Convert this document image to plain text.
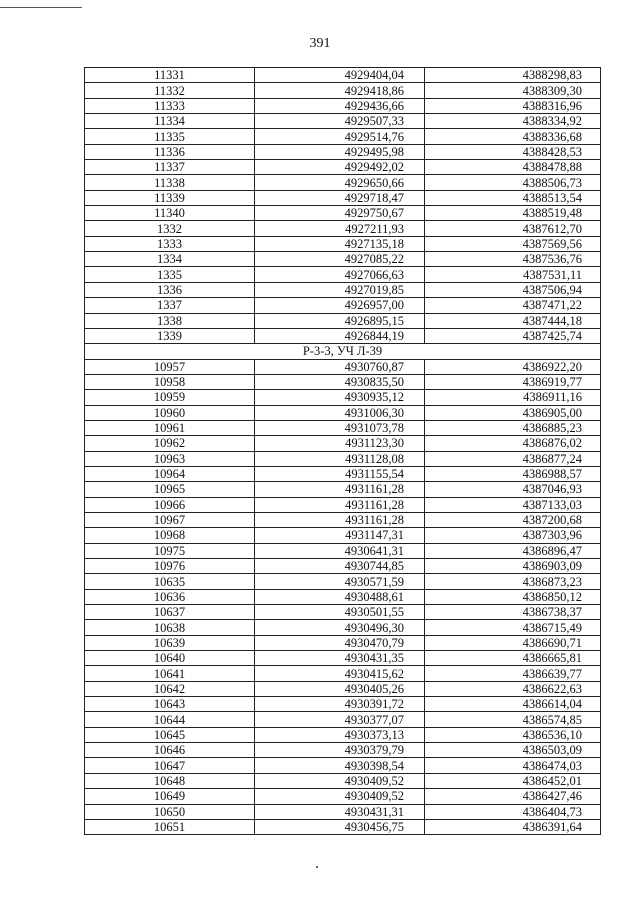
391
11331	4929404,04	4388298,83
11332	4929418,86	4388309,30
11333	4929436,66	4388316,96
11334	4929507,33	4388334,92
11335	4929514,76	4388336,68
11336	4929495,98	4388428,53
11337	4929492,02	4388478,88
11338	4929650,66	4388506,73
11339	4929718,47	4388513,54
11340	4929750,67	4388519,48
1332	4927211,93	4387612,70
1333	4927135,18	4387569,56
1334	4927085,22	4387536,76
1335	4927066,63	4387531,11
1336	4927019,85	4387506,94
1337	4926957,00	4387471,22
1338	4926895,15	4387444,18
1339	4926844,19	4387425,74
Р-3-3, УЧ Л-39		
10957	4930760,87	4386922,20
10958	4930835,50	4386919,77
10959	4930935,12	4386911,16
10960	4931006,30	4386905,00
10961	4931073,78	4386885,23
10962	4931123,30	4386876,02
10963	4931128,08	4386877,24
10964	4931155,54	4386988,57
10965	4931161,28	4387046,93
10966	4931161,28	4387133,03
10967	4931161,28	4387200,68
10968	4931147,31	4387303,96
10975	4930641,31	4386896,47
10976	4930744,85	4386903,09
10635	4930571,59	4386873,23
10636	4930488,61	4386850,12
10637	4930501,55	4386738,37
10638	4930496,30	4386715,49
10639	4930470,79	4386690,71
10640	4930431,35	4386665,81
10641	4930415,62	4386639,77
10642	4930405,26	4386622,63
10643	4930391,72	4386614,04
10644	4930377,07	4386574,85
10645	4930373,13	4386536,10
10646	4930379,79	4386503,09
10647	4930398,54	4386474,03
10648	4930409,52	4386452,01
10649	4930409,52	4386427,46
10650	4930431,31	4386404,73
10651	4930456,75	4386391,64
